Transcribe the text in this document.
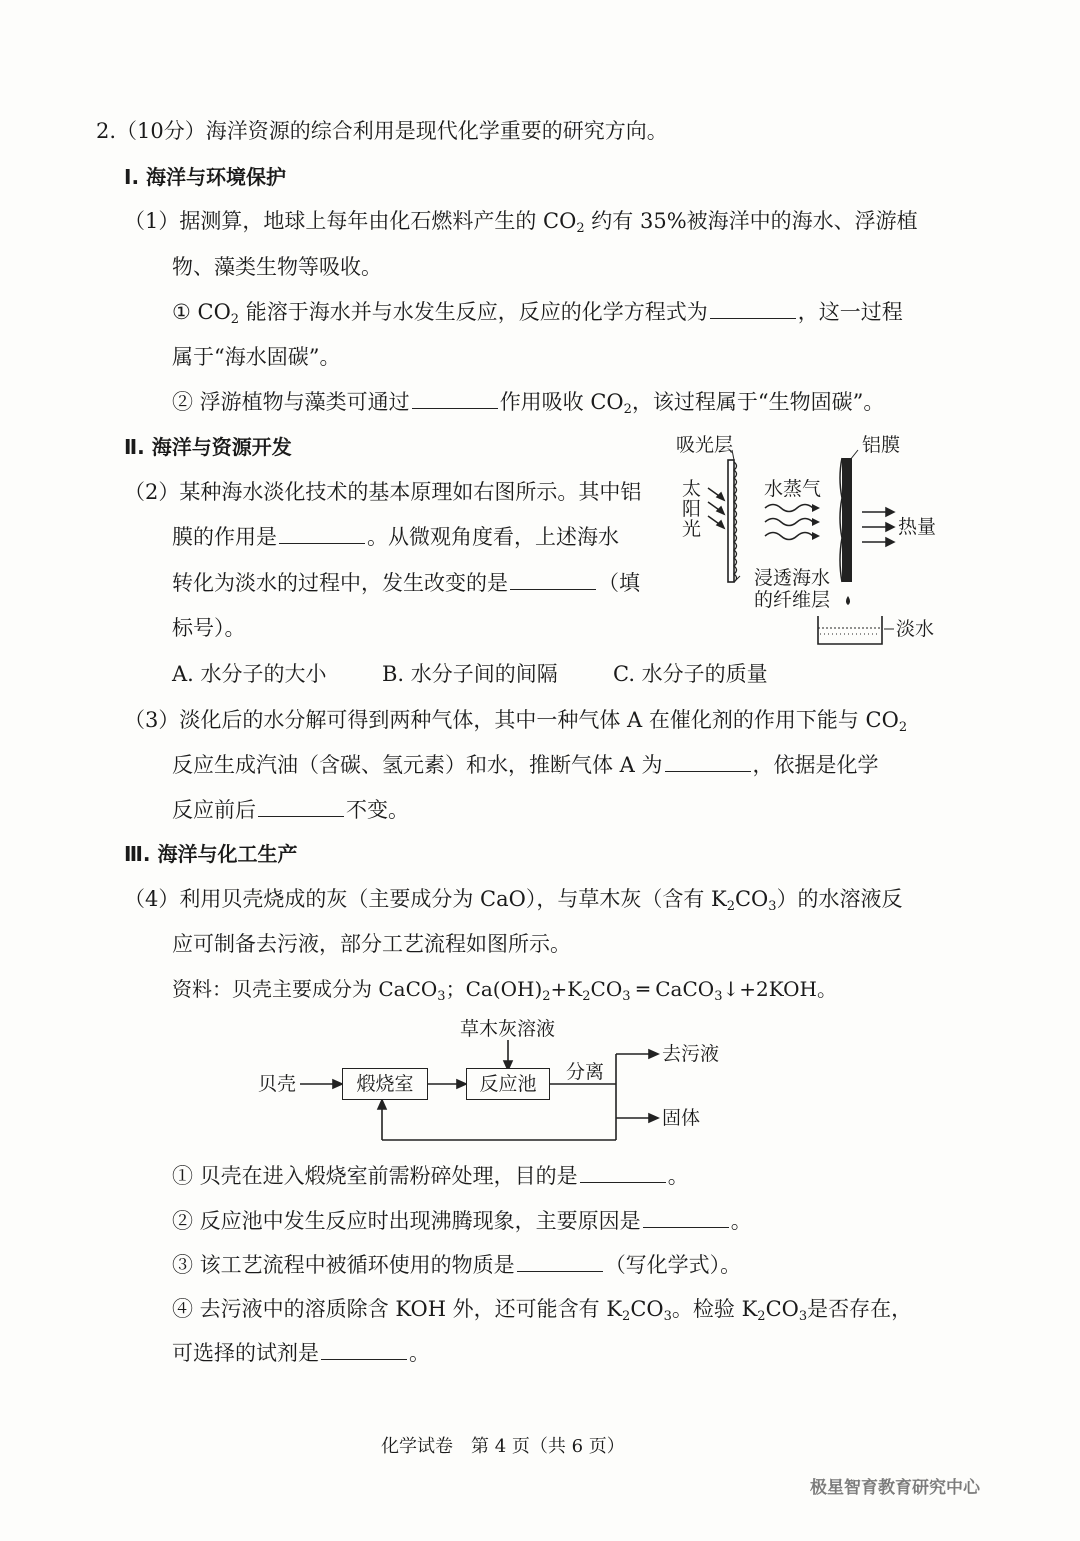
2.（10分）海洋资源的综合利用是现代化学重要的研究方向。
Ⅰ. 海洋与环境保护
（1）据测算，地球上每年由化石燃料产生的 $CO_2$ 约有 35%被海洋中的海水、浮游植
物、藻类生物等吸收。
① $CO_2$ 能溶于海水并与水发生反应，反应的化学方程式为	，这一过程
属于“海水固碳”。
② 浮游植物与藻类可通过	作用吸收 $CO_2$，该过程属于“生物固碳”。
Ⅱ. 海洋与资源开发
（2）某种海水淡化技术的基本原理如右图所示。其中铝
膜的作用是	。从微观角度看，上述海水
转化为淡水的过程中，发生改变的是	（填
标号）。
A. 水分子的大小	B. 水分子间的间隔	C. 水分子的质量
吸光层	铝膜
太
阳
光
水蒸气
热量
浸透海水
的纤维层
淡水
（3）淡化后的水分解可得到两种气体，其中一种气体 A 在催化剂的作用下能与 $CO_2$
反应生成汽油（含碳、氢元素）和水，推断气体 A 为	，依据是化学
反应前后	不变。
Ⅲ. 海洋与化工生产
（4）利用贝壳烧成的灰（主要成分为 CaO），与草木灰（含有 $K_2CO_3$）的水溶液反
应可制备去污液，部分工艺流程如图所示。
资料：贝壳主要成分为 CaCO$_3$；$Ca(OH)_2+K_2CO_3$ ═ CaCO$_3$↓+2KOH。
贝壳	煅烧室	反应池
草木灰溶液
分离
去污液
固体
① 贝壳在进入煅烧室前需粉碎处理，目的是	。
② 反应池中发生反应时出现沸腾现象，主要原因是	。
③ 该工艺流程中被循环使用的物质是	（写化学式）。
④ 去污液中的溶质除含 KOH 外，还可能含有 $K_2CO_3$。检验 $K_2CO_3$是否存在，
可选择的试剂是	。
化学试卷　第 4 页（共 6 页）
极星智育教育研究中心
